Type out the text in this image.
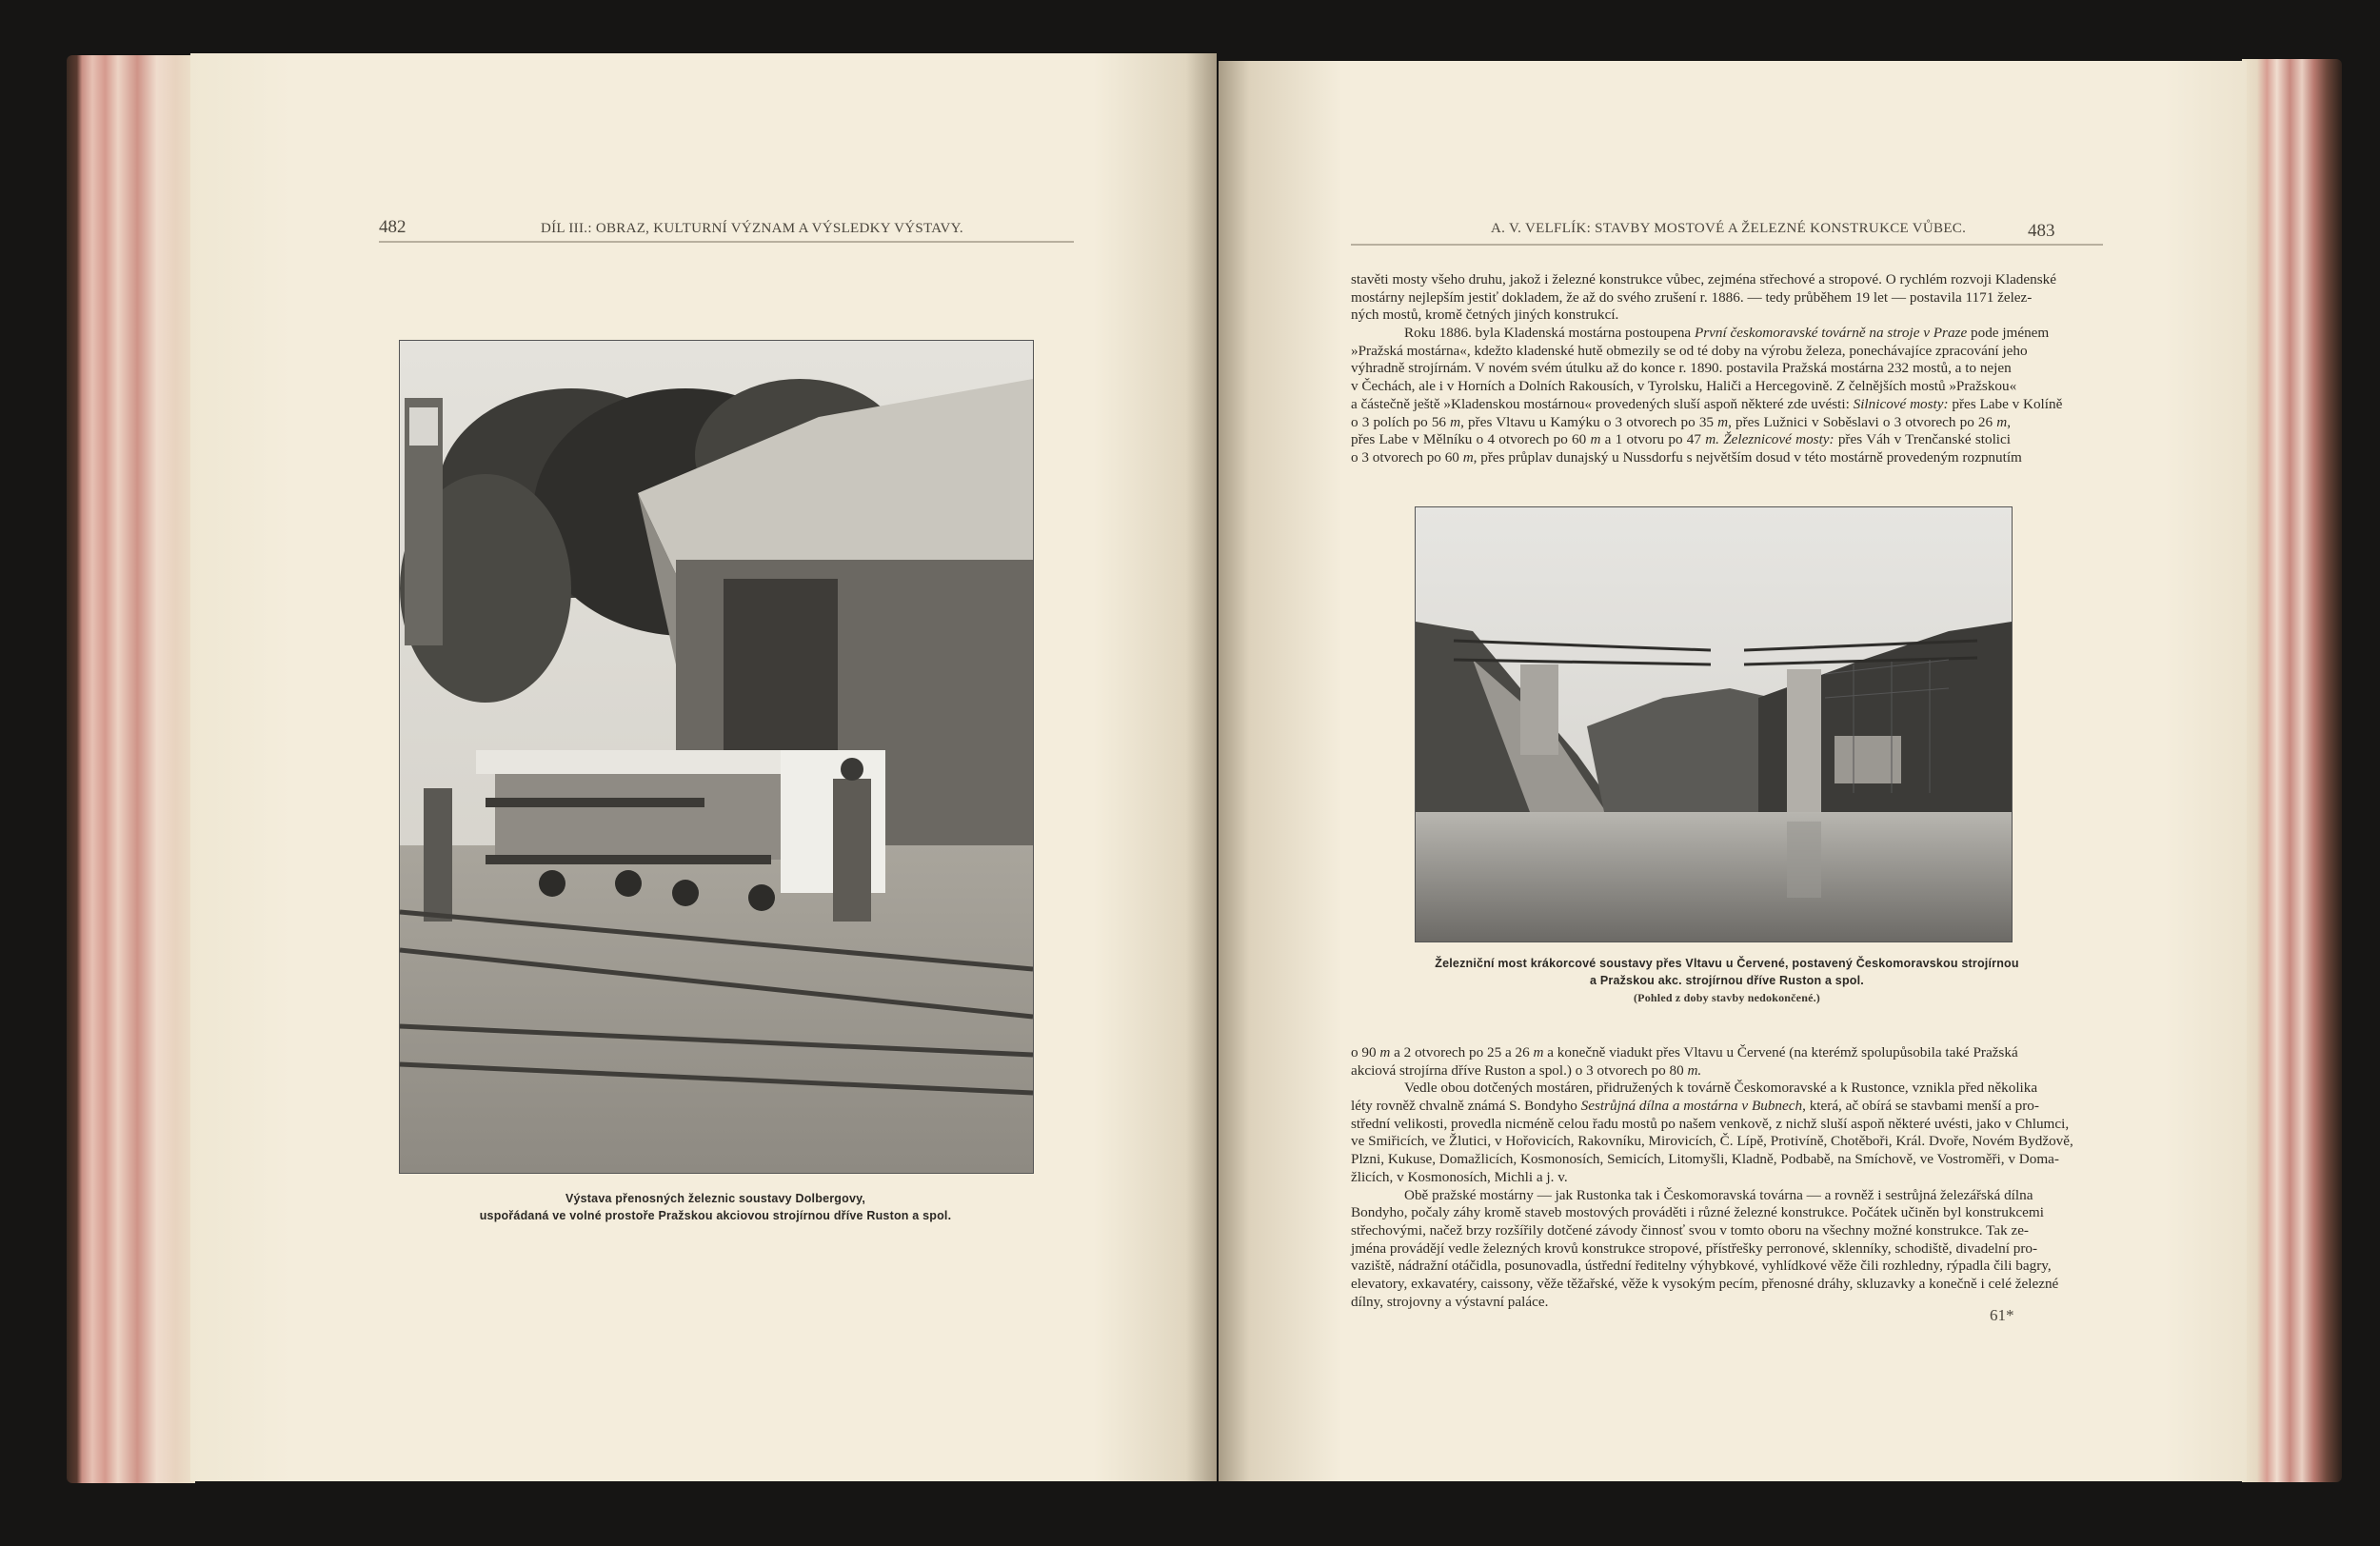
482	DÍL III.: OBRAZ, KULTURNÍ VÝZNAM A VÝSLEDKY VÝSTAVY.
Výstava přenosných železnic soustavy Dolbergovy,
uspořádaná ve volné prostoře Pražskou akciovou strojírnou dříve Ruston a spol.
A. V. VELFLÍK: STAVBY MOSTOVÉ A ŽELEZNÉ KONSTRUKCE VŮBEC.	483
stavěti mosty všeho druhu, jakož i železné konstrukce vůbec, zejména střechové a stropové. O rychlém rozvoji Kladenské
mostárny nejlepším jestiť dokladem, že až do svého zrušení r. 1886. — tedy průběhem 19 let — postavila 1171 želez-
ných mostů, kromě četných jiných konstrukcí.
Roku 1886. byla Kladenská mostárna postoupena První českomoravské továrně na stroje v Praze pode jménem
»Pražská mostárna«, kdežto kladenské hutě obmezily se od té doby na výrobu železa, ponechávajíce zpracování jeho
výhradně strojírnám. V novém svém útulku až do konce r. 1890. postavila Pražská mostárna 232 mostů, a to nejen
v Čechách, ale i v Horních a Dolních Rakousích, v Tyrolsku, Haliči a Hercegovině. Z čelnějších mostů »Pražskou«
a částečně ještě »Kladenskou mostárnou« provedených sluší aspoň některé zde uvésti: Silnicové mosty: přes Labe v Kolíně
o 3 polích po 56 m, přes Vltavu u Kamýku o 3 otvorech po 35 m, přes Lužnici v Soběslavi o 3 otvorech po 26 m,
přes Labe v Mělníku o 4 otvorech po 60 m a 1 otvoru po 47 m. Železnicové mosty: přes Váh v Trenčanské stolici
o 3 otvorech po 60 m, přes průplav dunajský u Nussdorfu s největším dosud v této mostárně provedeným rozpnutím
Železniční most krákorcové soustavy přes Vltavu u Červené, postavený Českomoravskou strojírnou
a Pražskou akc. strojírnou dříve Ruston a spol.
(Pohled z doby stavby nedokončené.)
o 90 m a 2 otvorech po 25 a 26 m a konečně viadukt přes Vltavu u Červené (na kterémž spolupůsobila také Pražská
akciová strojírna dříve Ruston a spol.) o 3 otvorech po 80 m.
Vedle obou dotčených mostáren, přidružených k továrně Českomoravské a k Rustonce, vznikla před několika
léty rovněž chvalně známá S. Bondyho Sestrůjná dílna a mostárna v Bubnech, která, ač obírá se stavbami menší a pro-
střední velikosti, provedla nicméně celou řadu mostů po našem venkově, z nichž sluší aspoň některé uvésti, jako v Chlumci,
ve Smiřicích, ve Žlutici, v Hořovicích, Rakovníku, Mirovicích, Č. Lípě, Protivíně, Chotěboři, Král. Dvoře, Novém Bydžově,
Plzni, Kukuse, Domažlicích, Kosmonosích, Semicích, Litomyšli, Kladně, Podbabě, na Smíchově, ve Vostroměři, v Doma-
žlicích, v Kosmonosích, Michli a j. v.
Obě pražské mostárny — jak Rustonka tak i Českomoravská továrna — a rovněž i sestrůjná železářská dílna
Bondyho, počaly záhy kromě staveb mostových prováděti i různé železné konstrukce. Počátek učiněn byl konstrukcemi
střechovými, načež brzy rozšířily dotčené závody činnosť svou v tomto oboru na všechny možné konstrukce. Tak ze-
jména provádějí vedle železných krovů konstrukce stropové, přístřešky perronové, sklenníky, schodiště, divadelní pro-
vaziště, nádražní otáčidla, posunovadla, ústřední ředitelny výhybkové, vyhlídkové věže čili rozhledny, rýpadla čili bagry,
elevatory, exkavatéry, caissony, věže těžařské, věže k vysokým pecím, přenosné dráhy, skluzavky a konečně i celé železné
dílny, strojovny a výstavní paláce.
61*
